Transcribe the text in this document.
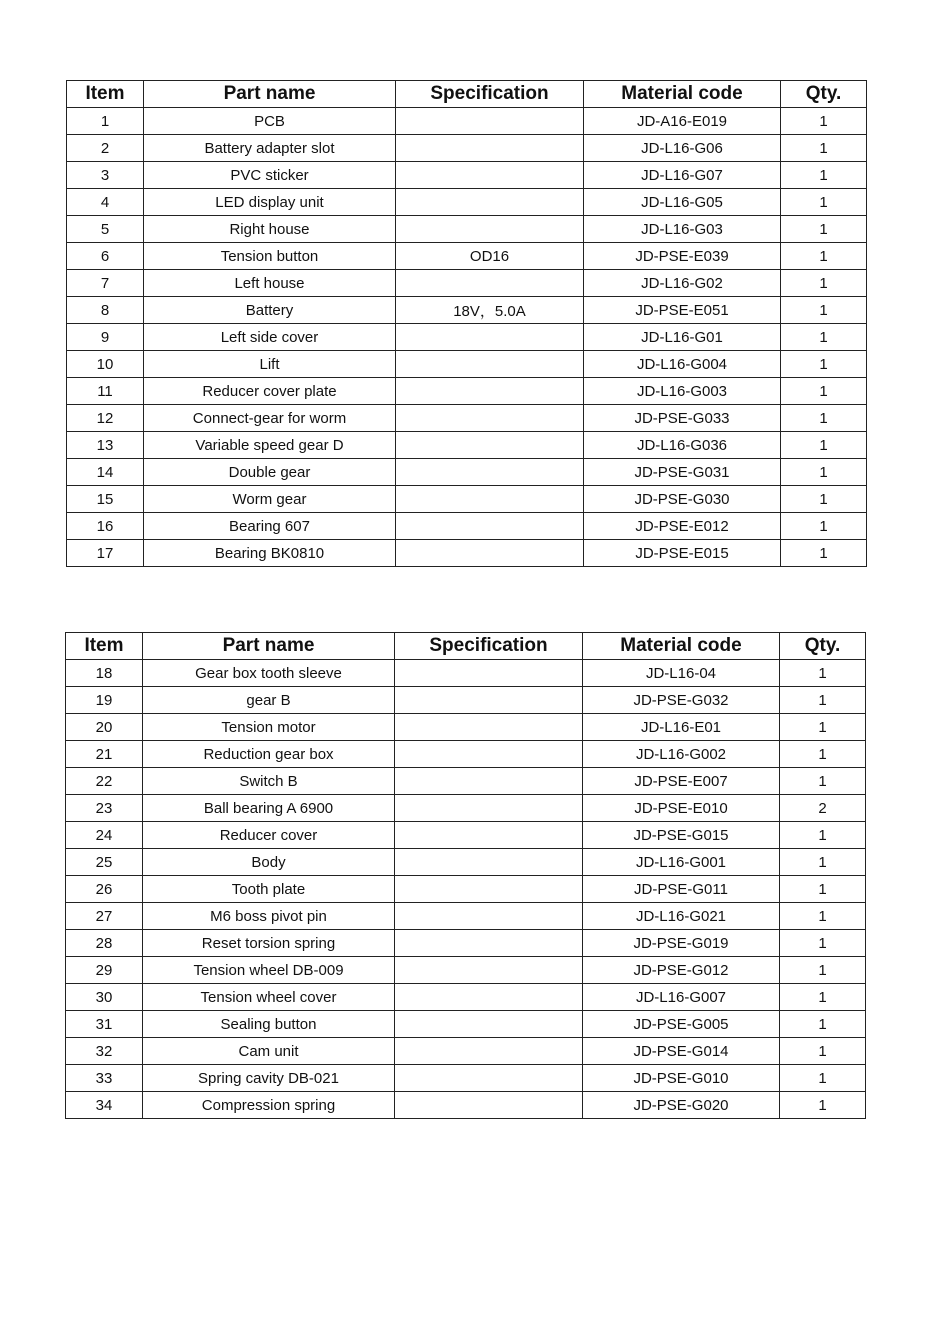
Item	Part name	Specification	Material code	Qty.
1	PCB		JD-A16-E019	1
2	Battery adapter slot		JD-L16-G06	1
3	PVC sticker		JD-L16-G07	1
4	LED display unit		JD-L16-G05	1
5	Right house		JD-L16-G03	1
6	Tension button	OD16	JD-PSE-E039	1
7	Left house		JD-L16-G02	1
8	Battery	18V，5.0A	JD-PSE-E051	1
9	Left side cover		JD-L16-G01	1
10	Lift		JD-L16-G004	1
11	Reducer cover plate		JD-L16-G003	1
12	Connect-gear for worm		JD-PSE-G033	1
13	Variable speed gear D		JD-L16-G036	1
14	Double gear		JD-PSE-G031	1
15	Worm gear		JD-PSE-G030	1
16	Bearing 607		JD-PSE-E012	1
17	Bearing BK0810		JD-PSE-E015	1
Item	Part name	Specification	Material code	Qty.
18	Gear box tooth sleeve		JD-L16-04	1
19	gear B		JD-PSE-G032	1
20	Tension motor		JD-L16-E01	1
21	Reduction gear box		JD-L16-G002	1
22	Switch B		JD-PSE-E007	1
23	Ball bearing A 6900		JD-PSE-E010	2
24	Reducer cover		JD-PSE-G015	1
25	Body		JD-L16-G001	1
26	Tooth plate		JD-PSE-G011	1
27	M6 boss pivot pin		JD-L16-G021	1
28	Reset torsion spring		JD-PSE-G019	1
29	Tension wheel DB-009		JD-PSE-G012	1
30	Tension wheel cover		JD-L16-G007	1
31	Sealing button		JD-PSE-G005	1
32	Cam unit		JD-PSE-G014	1
33	Spring cavity DB-021		JD-PSE-G010	1
34	Compression spring		JD-PSE-G020	1
